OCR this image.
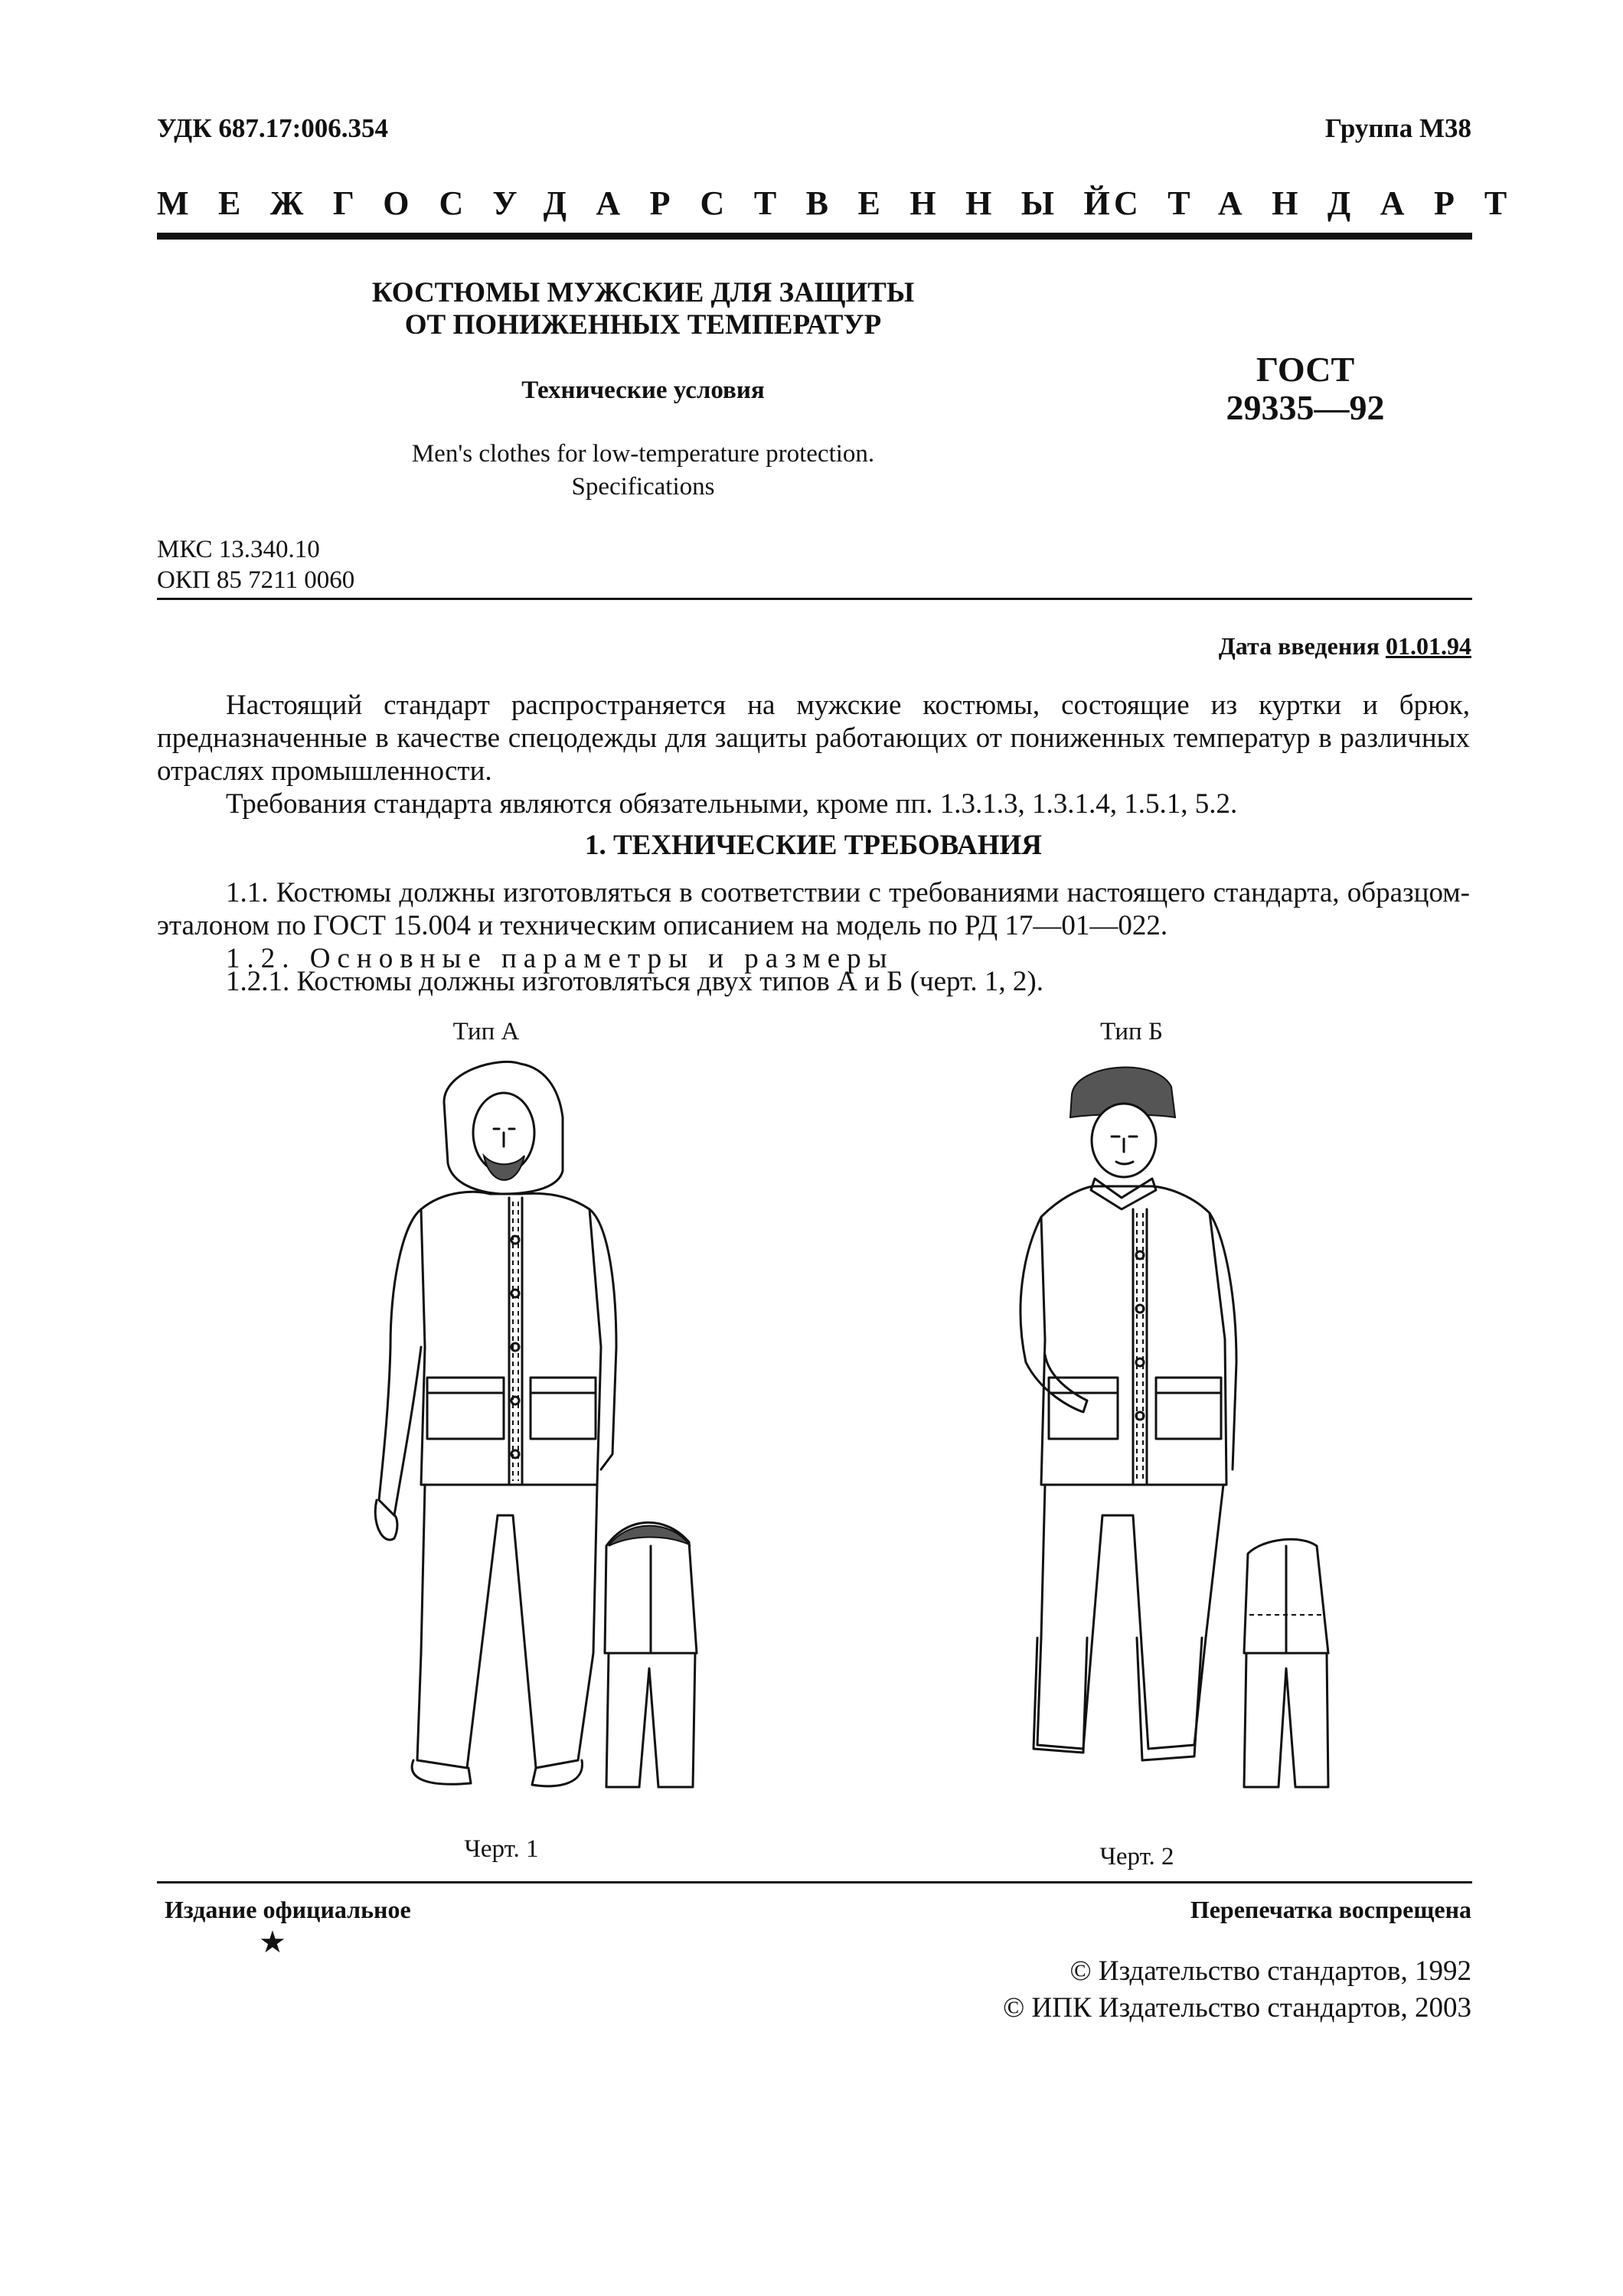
УДК 687.17:006.354	Группа М38
МЕЖГОСУДАРСТВЕННЫЙ
СТАНДАРТ
КОСТЮМЫ МУЖСКИЕ ДЛЯ ЗАЩИТЫ
ОТ ПОНИЖЕННЫХ ТЕМПЕРАТУР
Технические условия
Men's clothes for low-temperature protection.
Specifications
ГОСТ
29335—92
МКС 13.340.10
ОКП 85 7211 0060
Дата введения 01.01.94
Настоящий стандарт распространяется на мужские костюмы, состоящие из куртки и брюк, предназначенные в качестве спецодежды для защиты работающих от пониженных температур в различных отраслях промышленности.
Требования стандарта являются обязательными, кроме пп. 1.3.1.3, 1.3.1.4, 1.5.1, 5.2.
1. ТЕХНИЧЕСКИЕ ТРЕБОВАНИЯ
1.1. Костюмы должны изготовляться в соответствии с требованиями настоящего стандарта, образцом-эталоном по ГОСТ 15.004 и техническим описанием на модель по РД 17—01—022.
1.2. Основные параметры и размеры
1.2.1. Костюмы должны изготовляться двух типов А и Б (черт. 1, 2).
Тип А	Тип Б
Черт. 1	Черт. 2
Издание официальное
★
Перепечатка воспрещена
© Издательство стандартов, 1992
© ИПК Издательство стандартов, 2003
